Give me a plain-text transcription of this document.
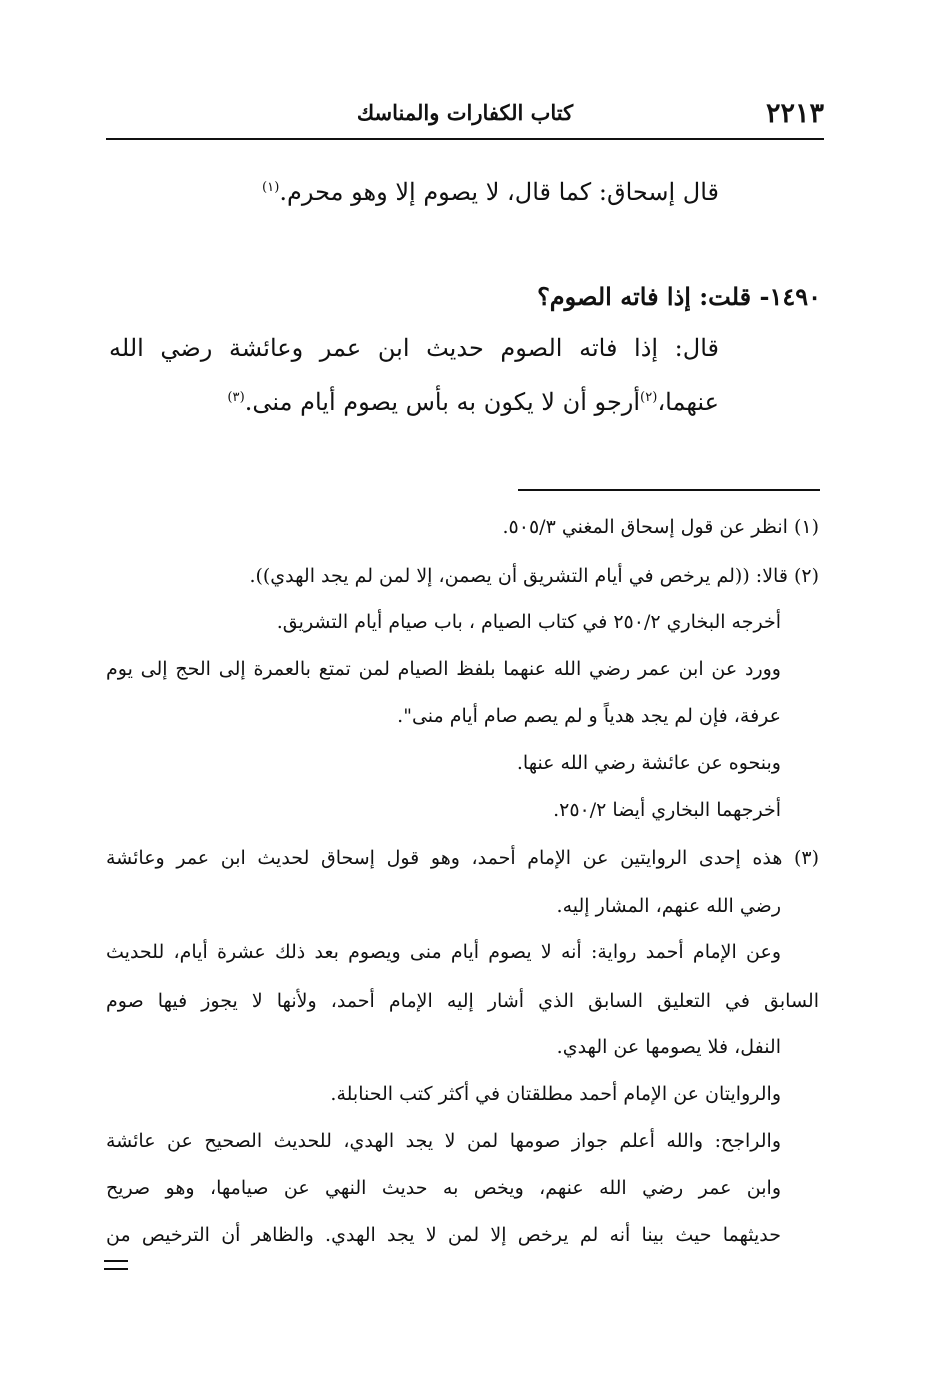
٢٢١٣
كتاب الكفارات والمناسك
قال إسحاق: كما قال، لا يصوم إلا وهو محرم.$^{(١)}$
١٤٩٠- قلت: إذا فاته الصوم؟
قال: إذا فاته الصوم حديث ابن عمر وعائشة رضي الله
عنهما،$^{(٢)}$أرجو أن لا يكون به بأس يصوم أيام منى.$^{(٣)}$
(١) انظر عن قول إسحاق المغني ٥٠٥/٣.
(٢) قالا: ((لم يرخص في أيام التشريق أن يصمن، إلا لمن لم يجد الهدي)).
أخرجه البخاري ٢٥٠/٢ في كتاب الصيام ، باب صيام أيام التشريق.
وورد عن ابن عمر رضي الله عنهما بلفظ الصيام لمن تمتع بالعمرة إلى الحج إلى يوم
عرفة، فإن لم يجد هدياً و لم يصم صام أيام منى".
وبنحوه عن عائشة رضي الله عنها.
أخرجهما البخاري أيضا ٢٥٠/٢.
(٣) هذه إحدى الروايتين عن الإمام أحمد، وهو قول إسحاق لحديث ابن عمر وعائشة
رضي الله عنهم، المشار إليه.
وعن الإمام أحمد رواية: أنه لا يصوم أيام منى ويصوم بعد ذلك عشرة أيام، للحديث
السابق في التعليق السابق الذي أشار إليه الإمام أحمد، ولأنها لا يجوز فيها صوم
النفل، فلا يصومها عن الهدي.
والروايتان عن الإمام أحمد مطلقتان في أكثر كتب الحنابلة.
والراجح: والله أعلم جواز صومها لمن لا يجد الهدي، للحديث الصحيح عن عائشة
وابن عمر رضي الله عنهم، ويخص به حديث النهي عن صيامها، وهو صريح
حديثهما حيث بينا أنه لم يرخص إلا لمن لا يجد الهدي. والظاهر أن الترخيص من
